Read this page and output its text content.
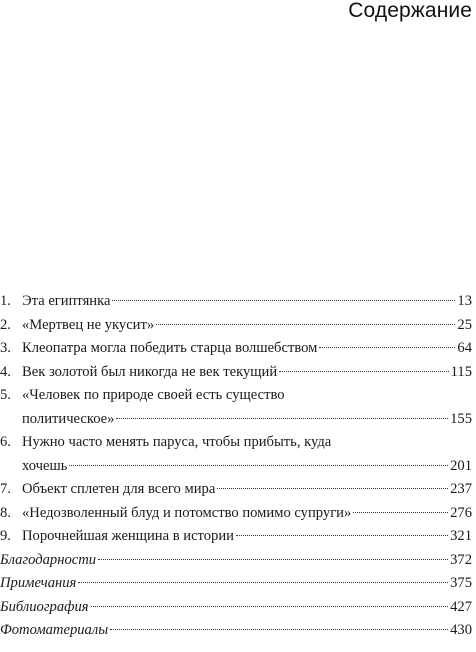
Содержание
1. Эта египтянка	13
2. «Мертвец не укусит»	25
3. Клеопатра могла победить старца волшебством	64
4. Век золотой был никогда не век текущий	115
5. «Человек по природе своей есть существо
политическое»	155
6. Нужно часто менять паруса, чтобы прибыть, куда
хочешь	201
7. Объект сплетен для всего мира	237
8. «Недозволенный блуд и потомство помимо супруги»	276
9. Порочнейшая женщина в истории	321
Благодарности	372
Примечания	375
Библиография	427
Фотоматериалы	430
